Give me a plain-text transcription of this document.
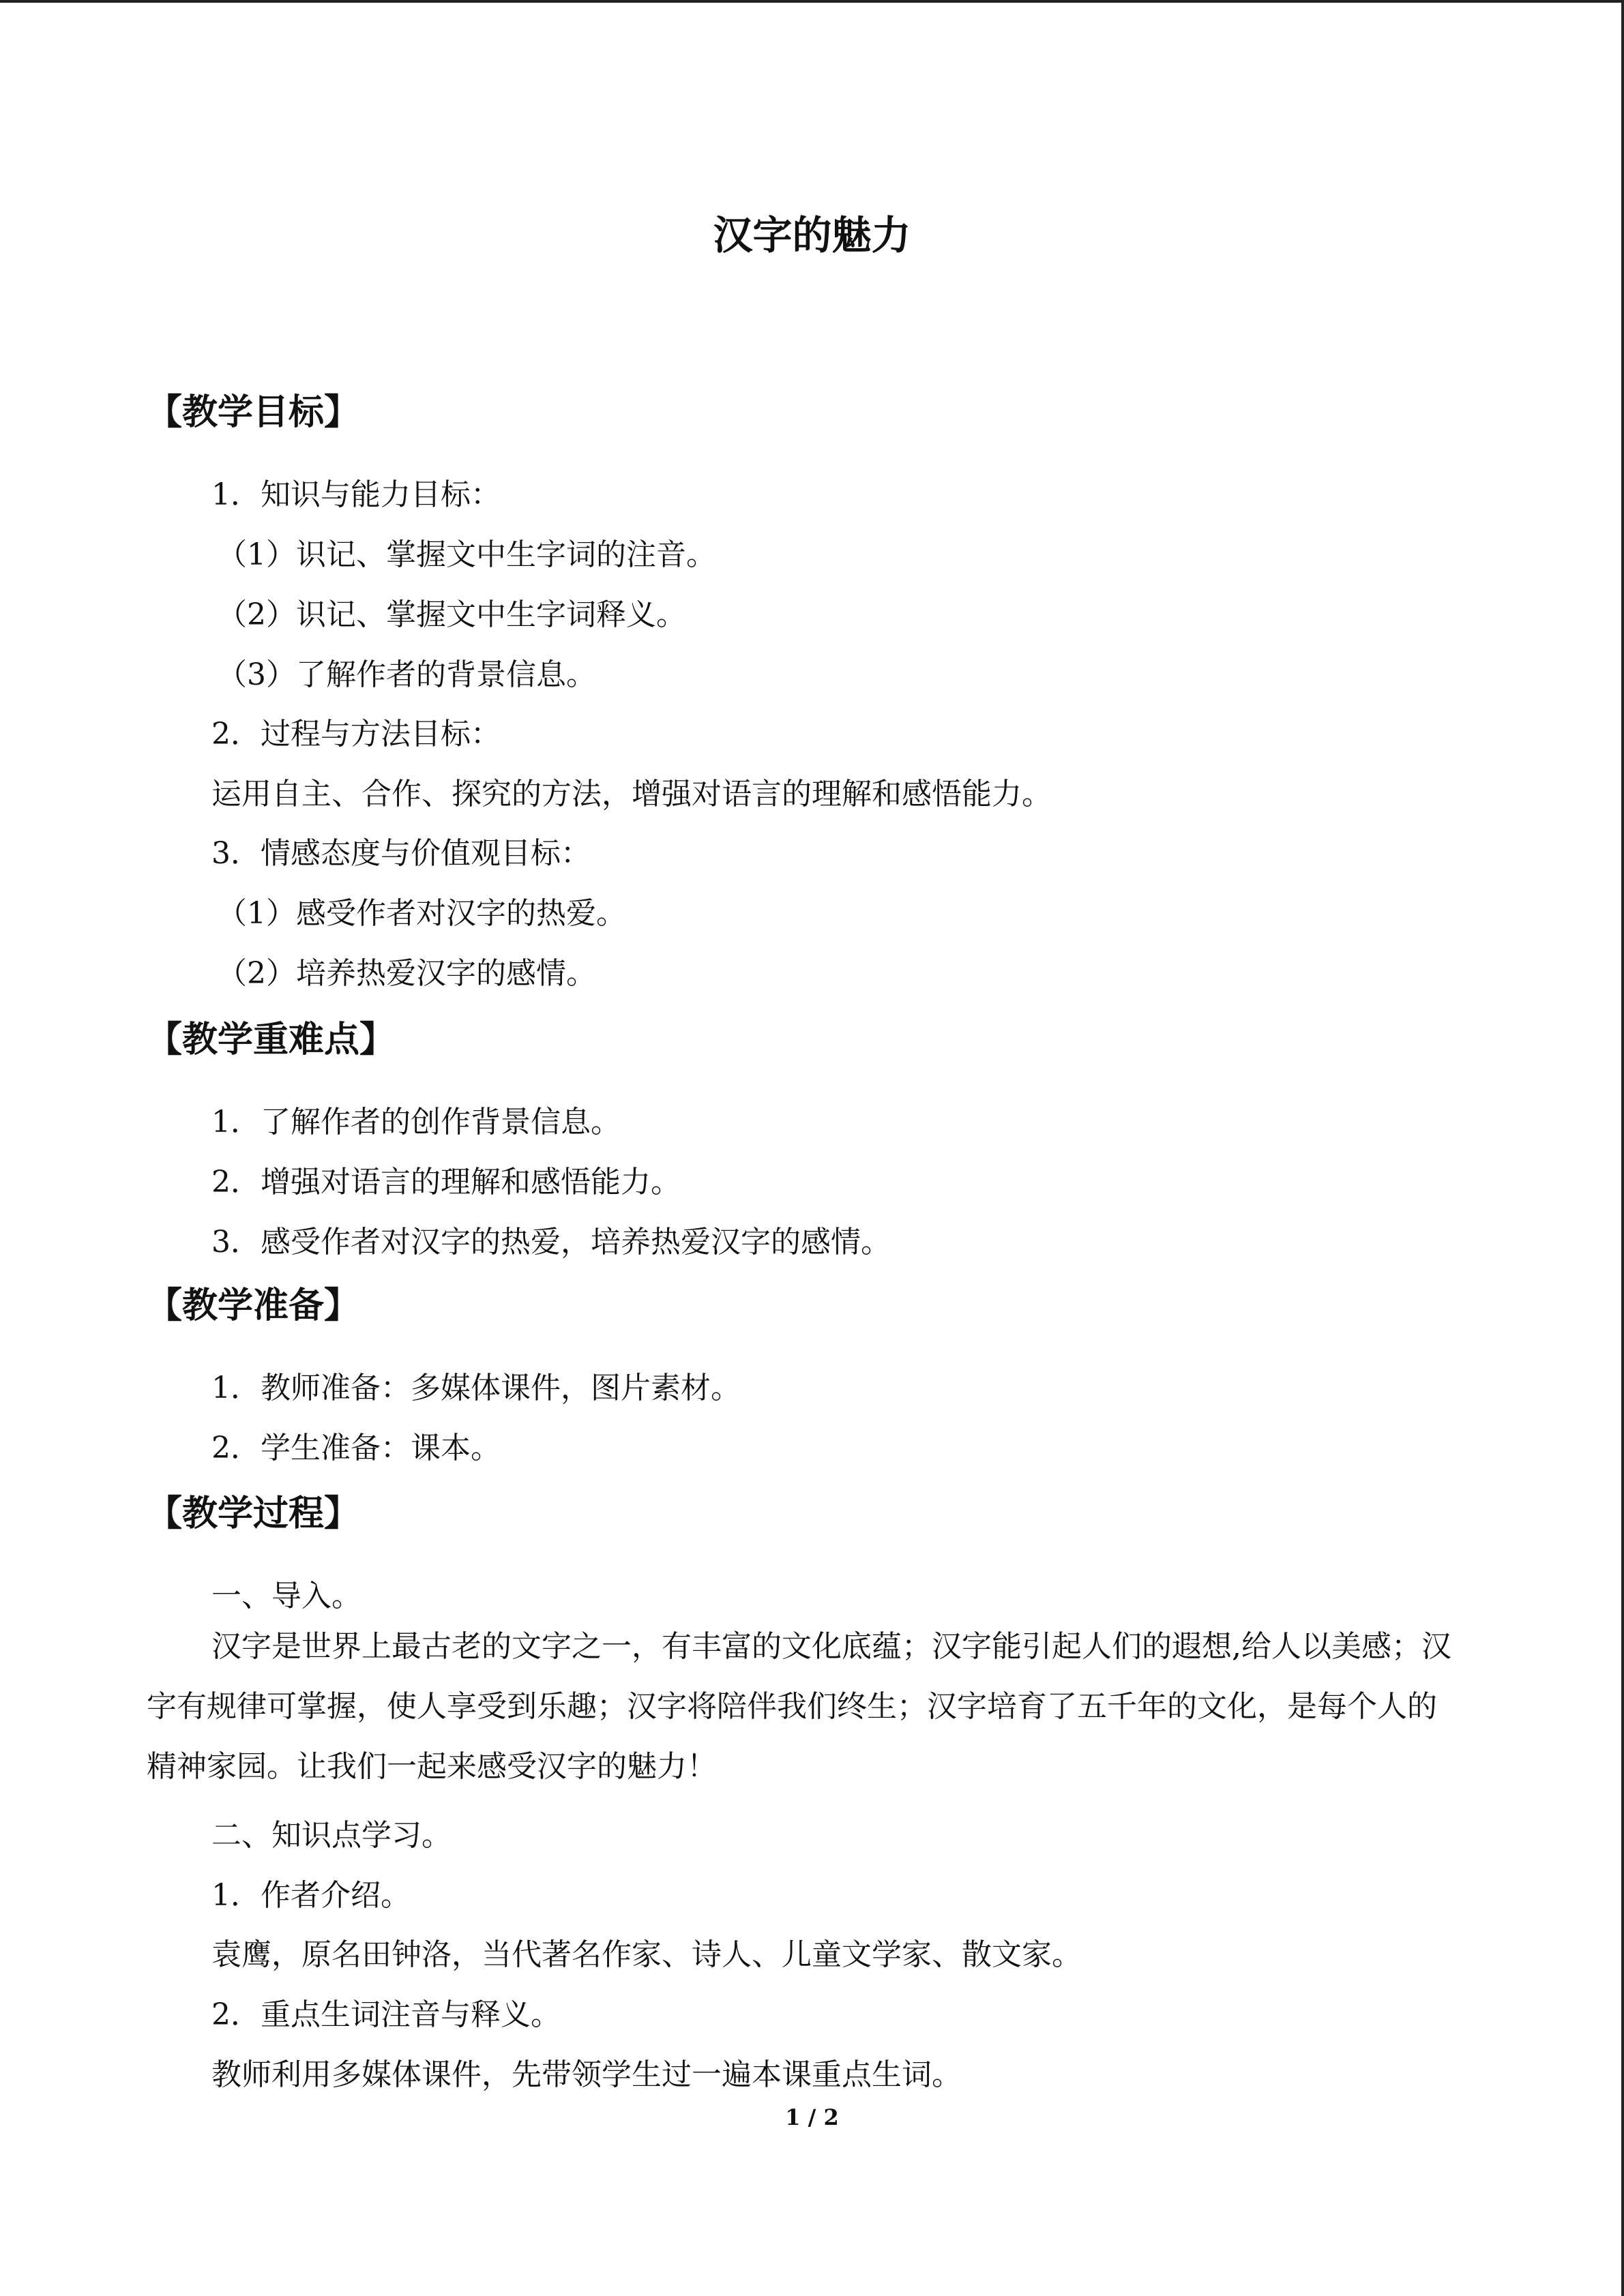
汉字的魅力
【教学目标】

1．知识与能力目标：

（1）识记、掌握文中生字词的注音。

（2）识记、掌握文中生字词释义。

（3）了解作者的背景信息。

2．过程与方法目标：

运用自主、合作、探究的方法，增强对语言的理解和感悟能力。

3．情感态度与价值观目标：

（1）感受作者对汉字的热爱。

（2）培养热爱汉字的感情。

【教学重难点】

1．了解作者的创作背景信息。

2．增强对语言的理解和感悟能力。

3．感受作者对汉字的热爱，培养热爱汉字的感情。

【教学准备】

1．教师准备：多媒体课件，图片素材。

2．学生准备：课本。

【教学过程】

一、导入。

汉字是世界上最古老的文字之一，有丰富的文化底蕴；汉字能引起人们的遐想,给人以美感；汉字有规律可掌握，使人享受到乐趣；汉字将陪伴我们终生；汉字培育了五千年的文化，是每个人的精神家园。让我们一起来感受汉字的魅力！

二、知识点学习。

1．作者介绍。

袁鹰，原名田钟洛，当代著名作家、诗人、儿童文学家、散文家。

2．重点生词注音与释义。

教师利用多媒体课件，先带领学生过一遍本课重点生词。

1 / 2
